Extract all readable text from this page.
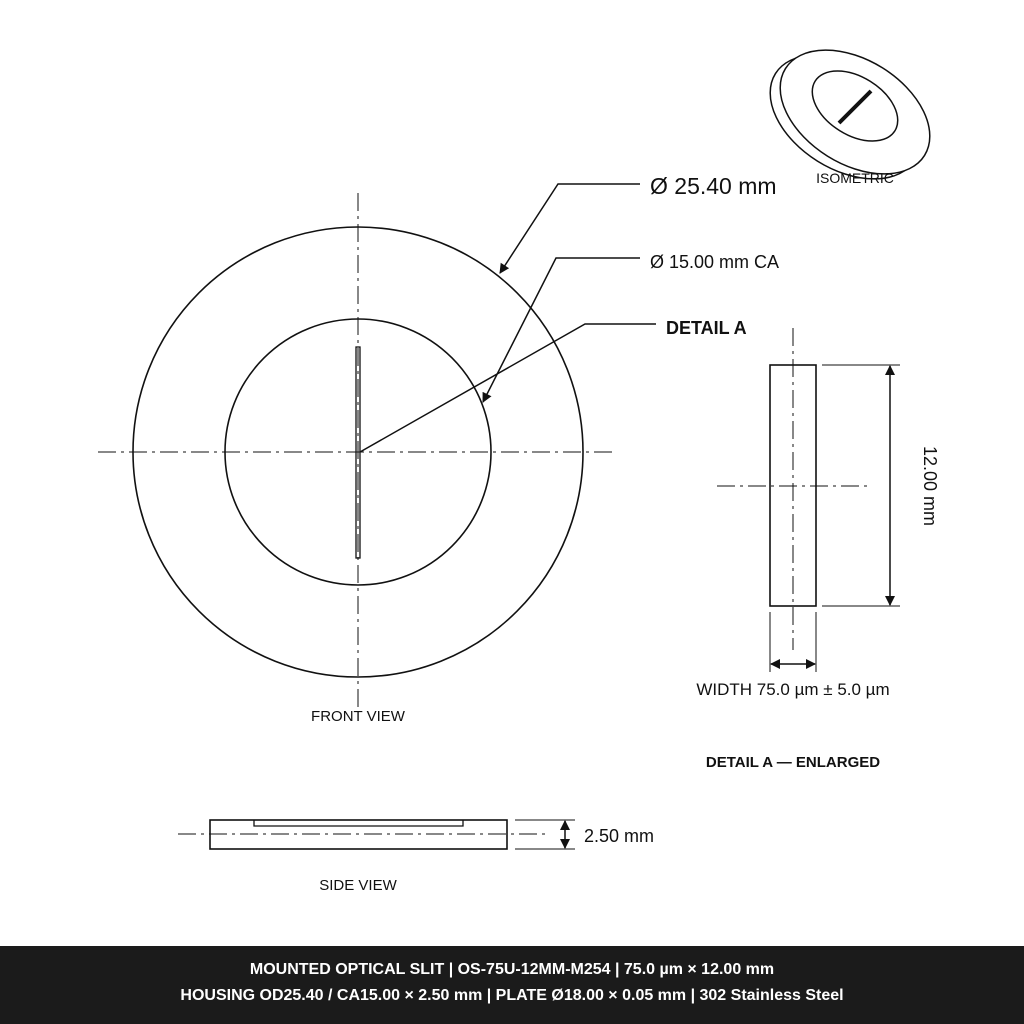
ISOMETRIC
Ø 25.40 mm
Ø 15.00 mm CA
DETAIL A
FRONT VIEW
12.00 mm
WIDTH 75.0 µm ± 5.0 µm
DETAIL A — ENLARGED
2.50 mm
SIDE VIEW
MOUNTED OPTICAL SLIT | OS-75U-12MM-M254 | 75.0 µm × 12.00 mm
HOUSING OD25.40 / CA15.00 × 2.50 mm | PLATE Ø18.00 × 0.05 mm | 302 Stainless Steel
